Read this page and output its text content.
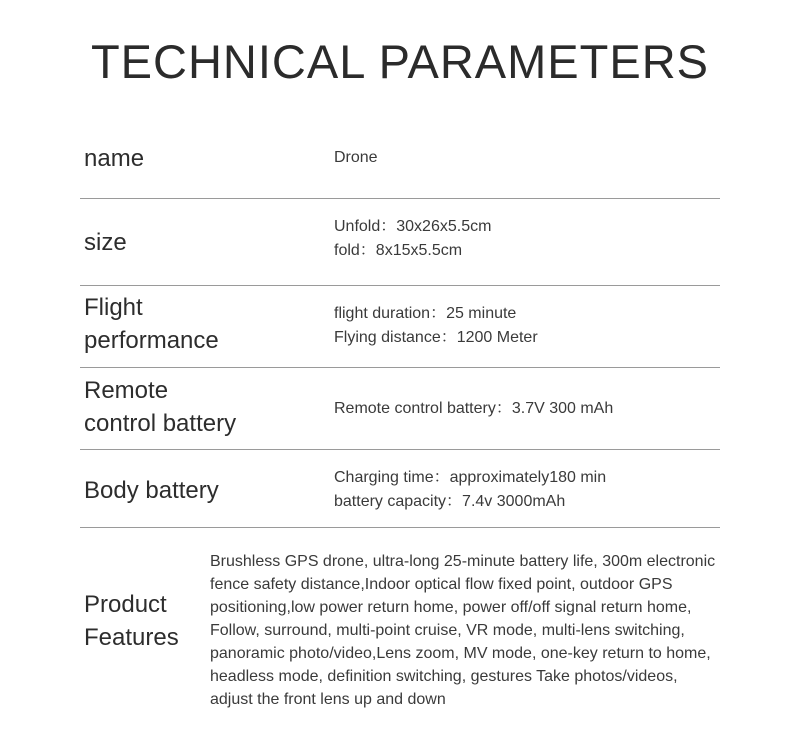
TECHNICAL PARAMETERS
name	Drone
size
Unfold：30x26x5.5cm
fold：8x15x5.5cm
Flight
performance
flight duration：25 minute
Flying distance：1200 Meter
Remote
control battery
Remote control battery：3.7V 300 mAh
Body battery	Charging time：approximately180 min
battery capacity：7.4v 3000mAh
Product
Features
Brushless GPS drone, ultra-long 25-minute battery life, 300m electronic
fence safety distance,Indoor optical flow fixed point, outdoor GPS
positioning,low power return home, power off/off signal return home,
Follow, surround, multi-point cruise, VR mode, multi-lens switching,
panoramic photo/video,Lens zoom, MV mode, one-key return to home,
headless mode, definition switching, gestures Take photos/videos,
adjust the front lens up and down
